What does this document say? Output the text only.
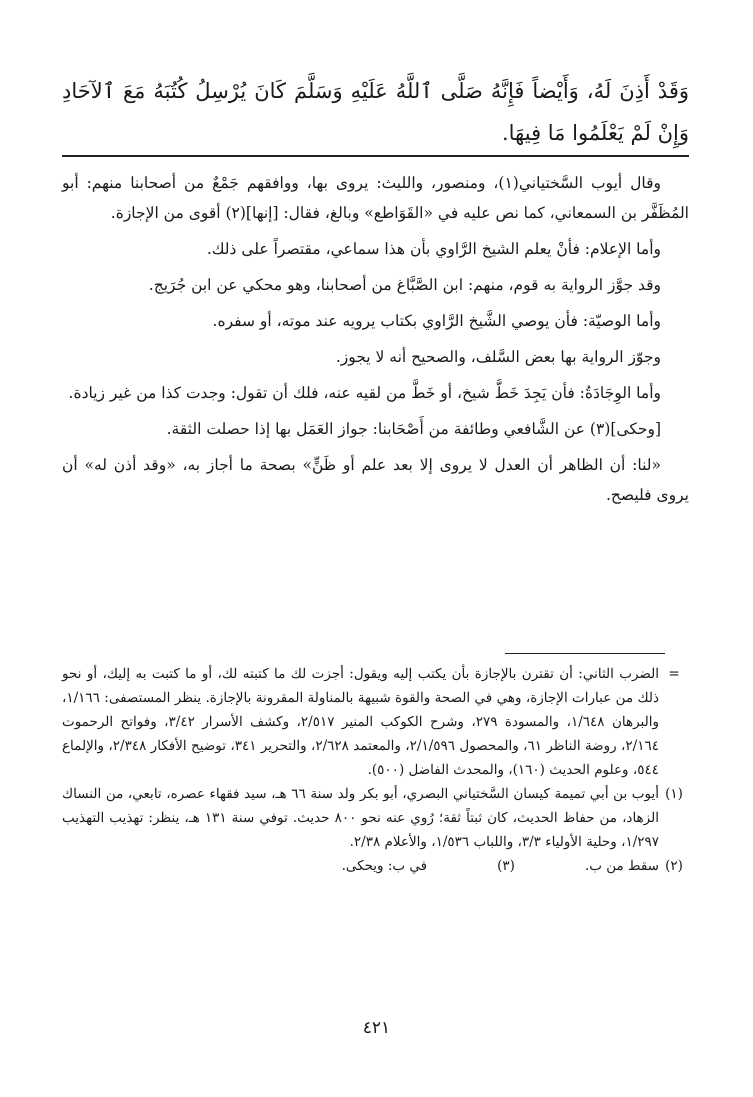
وَقَدْ أَذِنَ لَهُ، وَأَيْضاً فَإِنَّهُ صَلَّى ٱللَّهُ عَلَيْهِ وَسَلَّمَ كَانَ يُرْسِلُ كُتُبَهُ مَعَ ٱلآحَادِ وَإِنْ لَمْ يَعْلَمُوا مَا فِيهَا.

وقال أيوب السَّختياني(١)، ومنصور، والليث: يروى بها، ووافقهم جَمْعٌ من أصحابنا منهم: أبو المُظَفَّر بن السمعاني، كما نص عليه في «القَوَاطع» وبالغ، فقال: [إنها](٢) أقوى من الإجازة.

وأما الإعلام: فأنْ يعلم الشيخ الرَّاوي بأن هذا سماعي، مقتصراً على ذلك.

وقد جوَّز الرواية به قوم، منهم: ابن الصَّبَّاغ من أصحابنا، وهو محكي عن ابن جُرَيج.

وأما الوصيّة: فأن يوصي الشَّيخ الرَّاوي بكتاب يرويه عند موته، أو سفره.

وجوّز الرواية بها بعض السَّلف، والصحيح أنه لا يجوز.

وأما الوِجَادَةُ: فأن يَجِدَ خَطَّ شيخ، أو خَطَّ من لقيه عنه، فلك أن تقول: وجدت كذا من غير زيادة.

[وحكى](٣) عن الشَّافعي وطائفة من أَصْحَابنا: جواز العَمَل بها إذا حصلت الثقة.

«لنا: أن الظاهر أن العدل لا يروى إلا بعد علم أو ظَنٍّ» بصحة ما أجاز به، «وقد أذن له» أن يروى فليصح.

=
الضرب الثاني: أن تقترن بالإجازة بأن يكتب إليه ويقول: أجزت لك ما كتبته لك، أو ما كتبت به إليك، أو نحو ذلك من عبارات الإجازة، وهي في الصحة والقوة شبيهة بالمناولة المقرونة بالإجازة. ينظر المستصفى: ١/١٦٦، والبرهان ١/٦٤٨، والمسودة ٢٧٩، وشرح الكوكب المنير ٢/٥١٧، وكشف الأسرار ٣/٤٢، وفواتح الرحموت ٢/١٦٤، روضة الناظر ٦١، والمحصول ٢/١/٥٩٦، والمعتمد ٢/٦٢٨، والتحرير ٣٤١، توضيح الأفكار ٢/٣٤٨، والإلماع ٥٤٤، وعلوم الحديث (١٦٠)، والمحدث الفاضل (٥٠٠).
(١)
أيوب بن أبي تميمة كيسان السَّختياني البصري، أبو بكر ولد سنة ٦٦ هـ، سيد فقهاء عصره، تابعي، من النساك الزهاد، من حفاظ الحديث، كان ثبتاً ثقة؛ رُوي عنه نحو ٨٠٠ حديث. توفي سنة ١٣١ هـ، ينظر: تهذيب التهذيب ١/٢٩٧، وحلية الأولياء ٣/٣، واللباب ١/٥٣٦، والأعلام ٢/٣٨.
(٢)
سقط من ب.
(٣)
في ب: ويحكى.
٤٢١
